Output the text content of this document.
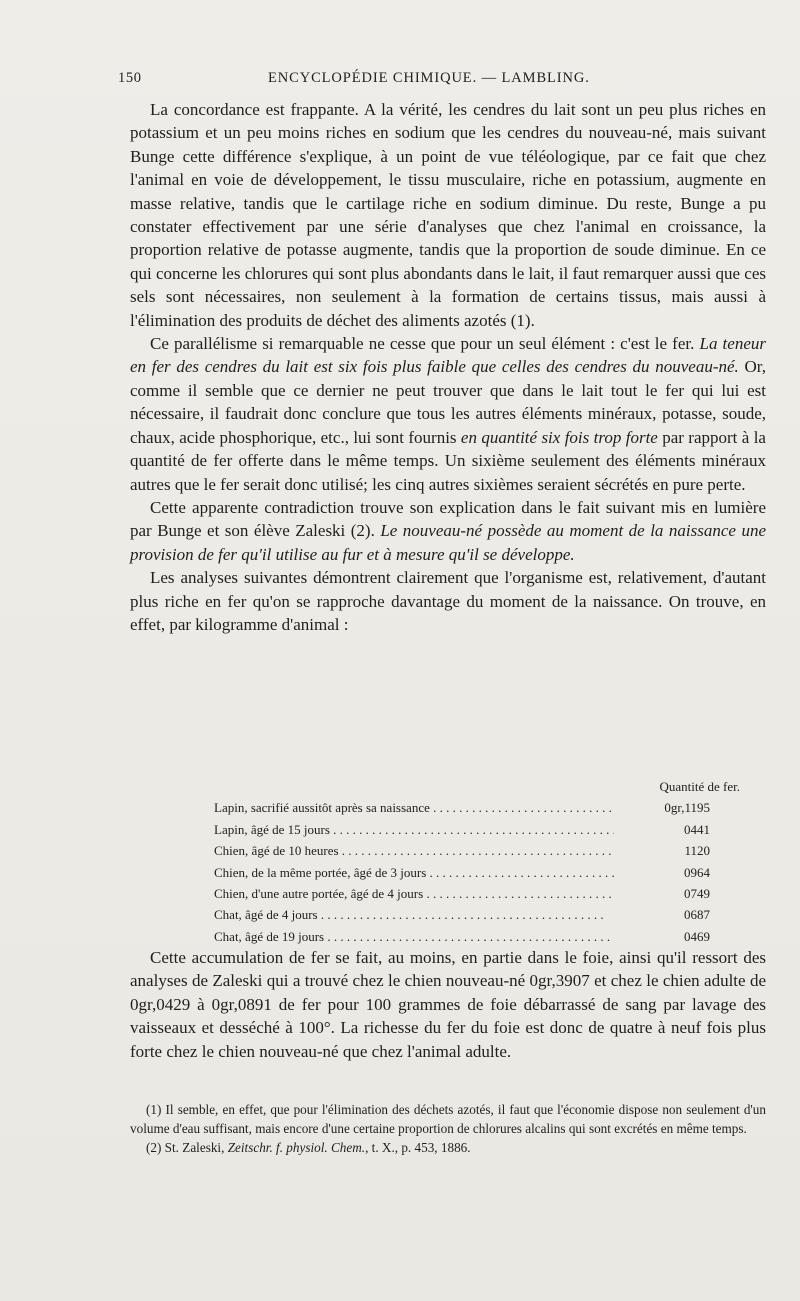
150	ENCYCLOPÉDIE CHIMIQUE. — LAMBLING.

La concordance est frappante. A la vérité, les cendres du lait sont un peu plus riches en potassium et un peu moins riches en sodium que les cendres du nouveau-né, mais suivant Bunge cette différence s'explique, à un point de vue téléologique, par ce fait que chez l'animal en voie de développement, le tissu musculaire, riche en potassium, augmente en masse relative, tandis que le cartilage riche en sodium diminue. Du reste, Bunge a pu constater effectivement par une série d'analyses que chez l'animal en croissance, la proportion relative de potasse augmente, tandis que la proportion de soude diminue. En ce qui concerne les chlorures qui sont plus abondants dans le lait, il faut remarquer aussi que ces sels sont nécessaires, non seulement à la formation de certains tissus, mais aussi à l'élimination des produits de déchet des aliments azotés (1).

Ce parallélisme si remarquable ne cesse que pour un seul élément : c'est le fer. La teneur en fer des cendres du lait est six fois plus faible que celles des cendres du nouveau-né. Or, comme il semble que ce dernier ne peut trouver que dans le lait tout le fer qui lui est nécessaire, il faudrait donc conclure que tous les autres éléments minéraux, potasse, soude, chaux, acide phosphorique, etc., lui sont fournis en quantité six fois trop forte par rapport à la quantité de fer offerte dans le même temps. Un sixième seulement des éléments minéraux autres que le fer serait donc utilisé; les cinq autres sixièmes seraient sécrétés en pure perte.

Cette apparente contradiction trouve son explication dans le fait suivant mis en lumière par Bunge et son élève Zaleski (2). Le nouveau-né possède au moment de la naissance une provision de fer qu'il utilise au fur et à mesure qu'il se développe.

Les analyses suivantes démontrent clairement que l'organisme est, relativement, d'autant plus riche en fer qu'on se rapproche davantage du moment de la naissance. On trouve, en effet, par kilogramme d'animal :

Quantité de fer.
Lapin, sacrifié aussitôt après sa naissance . . .	0gr,1195
Lapin, âgé de 15 jours . . .	0441
Chien, âgé de 10 heures . . .	1120
Chien, de la même portée, âgé de 3 jours . . .	0964
Chien, d'une autre portée, âgé de 4 jours . . .	0749
Chat, âgé de 4 jours . . .	0687
Chat, âgé de 19 jours . . .	0469

Cette accumulation de fer se fait, au moins, en partie dans le foie, ainsi qu'il ressort des analyses de Zaleski qui a trouvé chez le chien nouveau-né 0gr,3907 et chez le chien adulte de 0gr,0429 à 0gr,0891 de fer pour 100 grammes de foie débarrassé de sang par lavage des vaisseaux et desséché à 100°. La richesse du fer du foie est donc de quatre à neuf fois plus forte chez le chien nouveau-né que chez l'animal adulte.

(1) Il semble, en effet, que pour l'élimination des déchets azotés, il faut que l'économie dispose non seulement d'un volume d'eau suffisant, mais encore d'une certaine proportion de chlorures alcalins qui sont excrétés en même temps.

(2) St. Zaleski, Zeitschr. f. physiol. Chem., t. X., p. 453, 1886.
